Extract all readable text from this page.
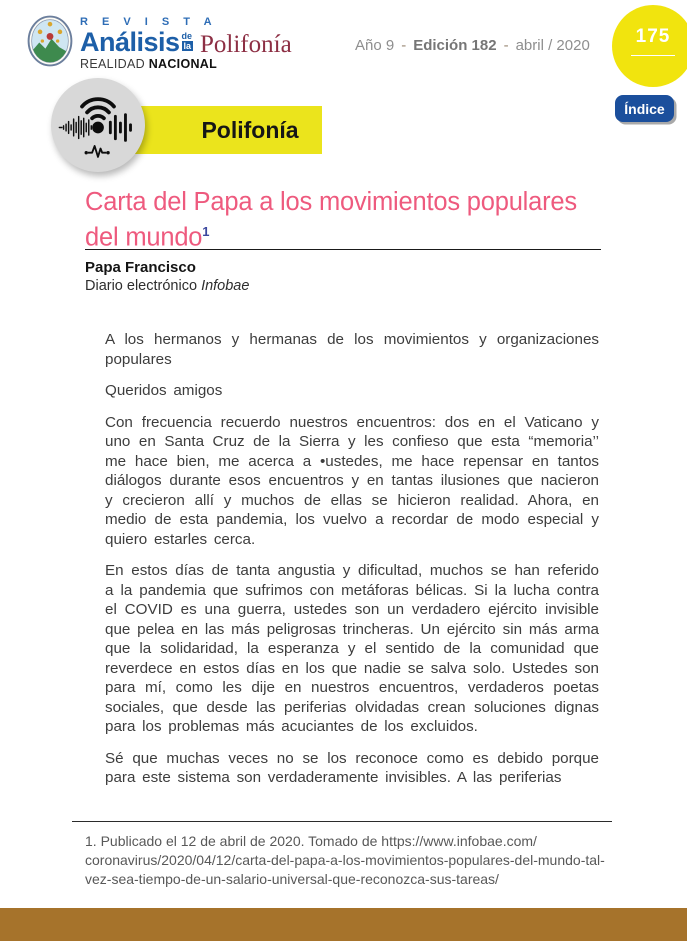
R E V I S T A
Análisis de
la
REALIDAD NACIONAL
Polifonía	Año 9 - Edición 182 - abril / 2020	175
Índice
Polifonía
Carta del Papa a los movimientos populares
del mundo$^1$
Papa Francisco
Diario electrónico Infobae

A los hermanos y hermanas de los movimientos y organizaciones populares

Queridos amigos

Con frecuencia recuerdo nuestros encuentros: dos en el Vaticano y uno en Santa Cruz de la Sierra y les confieso que esta “memoria’’ me hace bien, me acerca a •ustedes, me hace repensar en tantos diálogos durante esos encuentros y en tantas ilusiones que nacieron y crecieron allí y muchos de ellas se hicieron realidad. Ahora, en medio de esta pandemia, los vuelvo a recordar de modo especial y quiero estarles cerca.

En estos días de tanta angustia y dificultad, muchos se han referido a la pandemia que sufrimos con metáforas bélicas. Si la lucha contra el COVID es una guerra, ustedes son un verdadero ejército invisible que pelea en las más peligrosas trincheras. Un ejército sin más arma que la solidaridad, la esperanza y el sentido de la comunidad que reverdece en estos días en los que nadie se salva solo. Ustedes son para mí, como les dije en nuestros encuentros, verdaderos poetas sociales, que desde las periferias olvidadas crean soluciones dignas para los problemas más acuciantes de los excluidos.

Sé que muchas veces no se los reconoce como es debido porque para este sistema son verdaderamente invisibles. A las periferias

1. Publicado el 12 de abril de 2020. Tomado de https://www.infobae.com/
coronavirus/2020/04/12/carta-del-papa-a-los-movimientos-populares-del-mundo-tal-
vez-sea-tiempo-de-un-salario-universal-que-reconozca-sus-tareas/
